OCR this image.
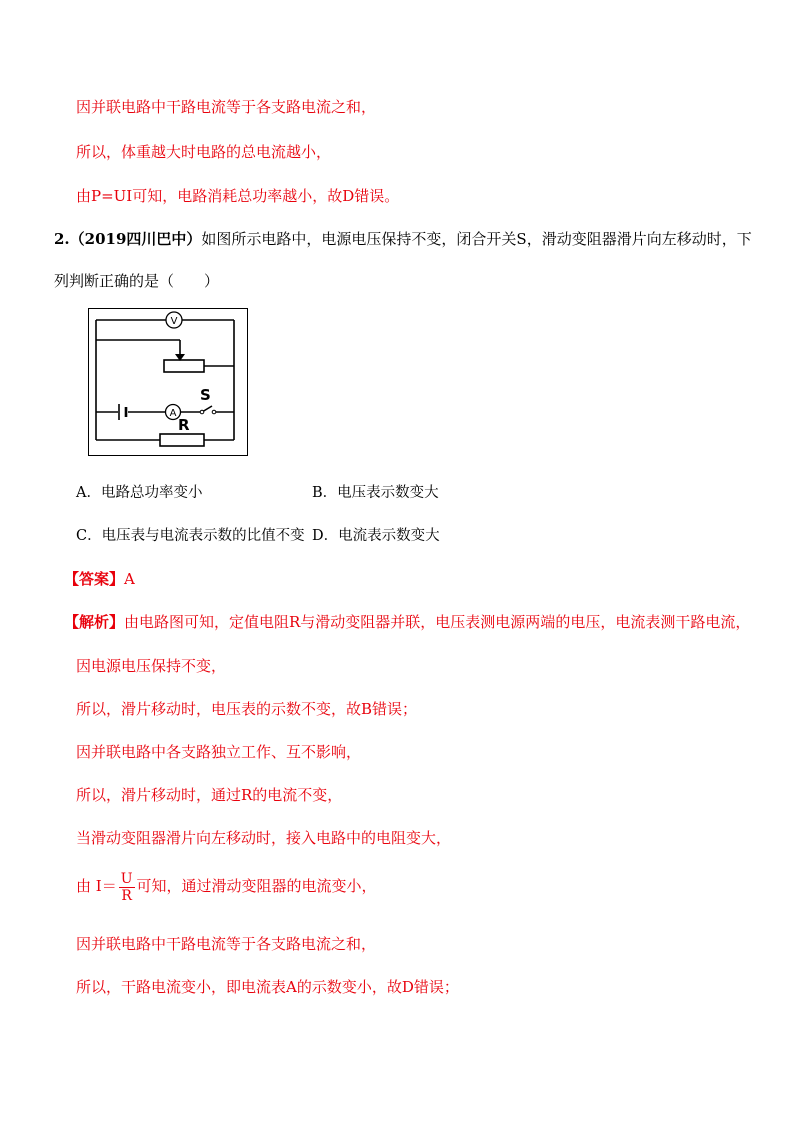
因并联电路中干路电流等于各支路电流之和，
所以，体重越大时电路的总电流越小，
由P=UI可知，电路消耗总功率越小，故D错误。
2.（2019四川巴中）如图所示电路中，电源电压保持不变，闭合开关S，滑动变阻器滑片向左移动时，下
列判断正确的是（　　）
V
A
S
R
A．电路总功率变小	B．电压表示数变大
C．电压表与电流表示数的比值不变 D．电流表示数变大
【答案】A
【解析】由电路图可知，定值电阻R与滑动变阻器并联，电压表测电源两端的电压，电流表测干路电流，
因电源电压保持不变，
所以，滑片移动时，电压表的示数不变，故B错误；
因并联电路中各支路独立工作、互不影响，
所以，滑片移动时，通过R的电流不变，
当滑动变阻器滑片向左移动时，接入电路中的电阻变大，
由 $I= \frac{U}{R}$ 可知，通过滑动变阻器的电流变小，
因并联电路中干路电流等于各支路电流之和，
所以，干路电流变小，即电流表A的示数变小，故D错误；
